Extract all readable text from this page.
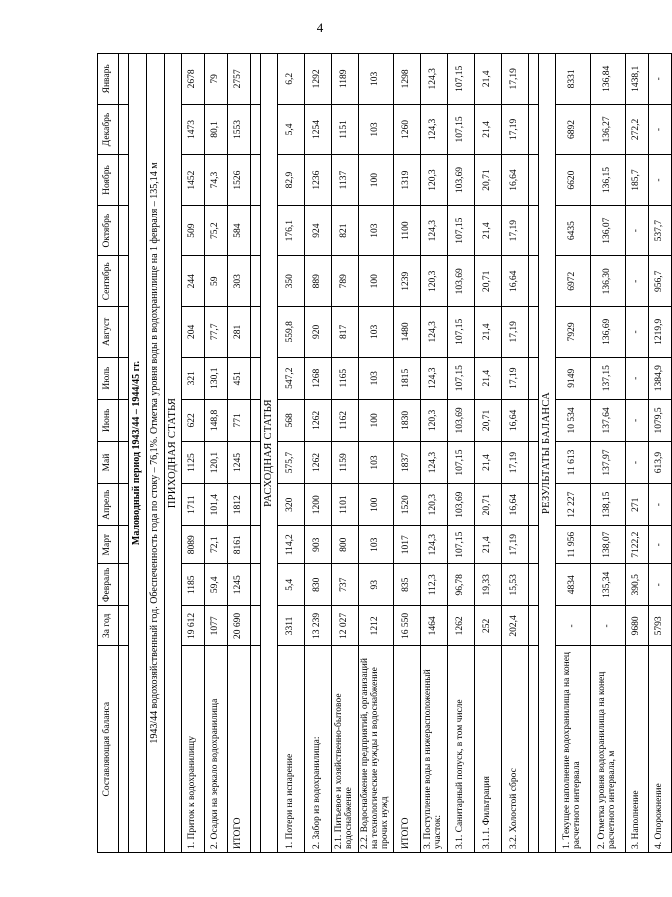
4
Составляющая баланса	За год	Февраль	Март	Апрель	Май	Июнь	Июль	Август	Сентябрь	Октябрь	Ноябрь	Декабрь	Январь

Маловодный период 1943/44 – 1944/45 гг.													
1943/44 водохозяйственный год. Обеспеченность года по стоку – 76,1%. Отметка уровня воды в водохранилище на 1 февраля – 135,14 м													
ПРИХОДНАЯ СТАТЬЯ													
1. Приток к водохранилищу	19 612	1185	8089	1711	1125	622	321	204	244	509	1452	1473	2678
2. Осадки на зеркало водохранилища	1077	59,4	72,1	101,4	120,1	148,8	130,1	77,7	59	75,2	74,3	80,1	79
ИТОГО	20 690	1245	8161	1812	1245	771	451	281	303	584	1526	1553	2757

РАСХОДНАЯ СТАТЬЯ													
1. Потери на испарение	3311	5,4	114,2	320	575,7	568	547,2	559,8	350	176,1	82,9	5,4	6,2
2. Забор из водохранилища:	13 239	830	903	1200	1262	1262	1268	920	889	924	1236	1254	1292
2.1. Питьевое и хозяйственно-бытовое водоснабжение	12 027	737	800	1101	1159	1162	1165	817	789	821	1137	1151	1189
2.2. Водоснабжение предприятий, организаций на технологические нужды и водоснабжение прочих нужд	1212	93	103	100	103	100	103	103	100	103	100	103	103
ИТОГО	16 550	835	1017	1520	1837	1830	1815	1480	1239	1100	1319	1260	1298
3. Поступление воды в нижерасположенный участок:	1464	112,3	124,3	120,3	124,3	120,3	124,3	124,3	120,3	124,3	120,3	124,3	124,3
3.1. Санитарный попуск, в том числе	1262	96,78	107,15	103,69	107,15	103,69	107,15	107,15	103,69	107,15	103,69	107,15	107,15
3.1.1. Фильтрация	252	19,33	21,4	20,71	21,4	20,71	21,4	21,4	20,71	21,4	20,71	21,4	21,4
3.2. Холостой сброс	202,4	15,53	17,19	16,64	17,19	16,64	17,19	17,19	16,64	17,19	16,64	17,19	17,19

РЕЗУЛЬТАТЫ БАЛАНСА													
1. Текущее наполнение водохранилища на конец расчетного интервала	-	4834	11 956	12 227	11 613	10 534	9149	7929	6972	6435	6620	6892	8331
2. Отметка уровня водохранилища на конец расчетного интервала, м	-	135,34	138,07	138,15	137,97	137,64	137,15	136,69	136,30	136,07	136,15	136,27	136,84
3. Наполнение	9680	390,5	7122,2	271	-	-	-	-	-	-	185,7	272,2	1438,1
4. Опорожнение	5793	-	-	-	613,9	1079,5	1384,9	1219,9	956,7	537,7	-	-	-
